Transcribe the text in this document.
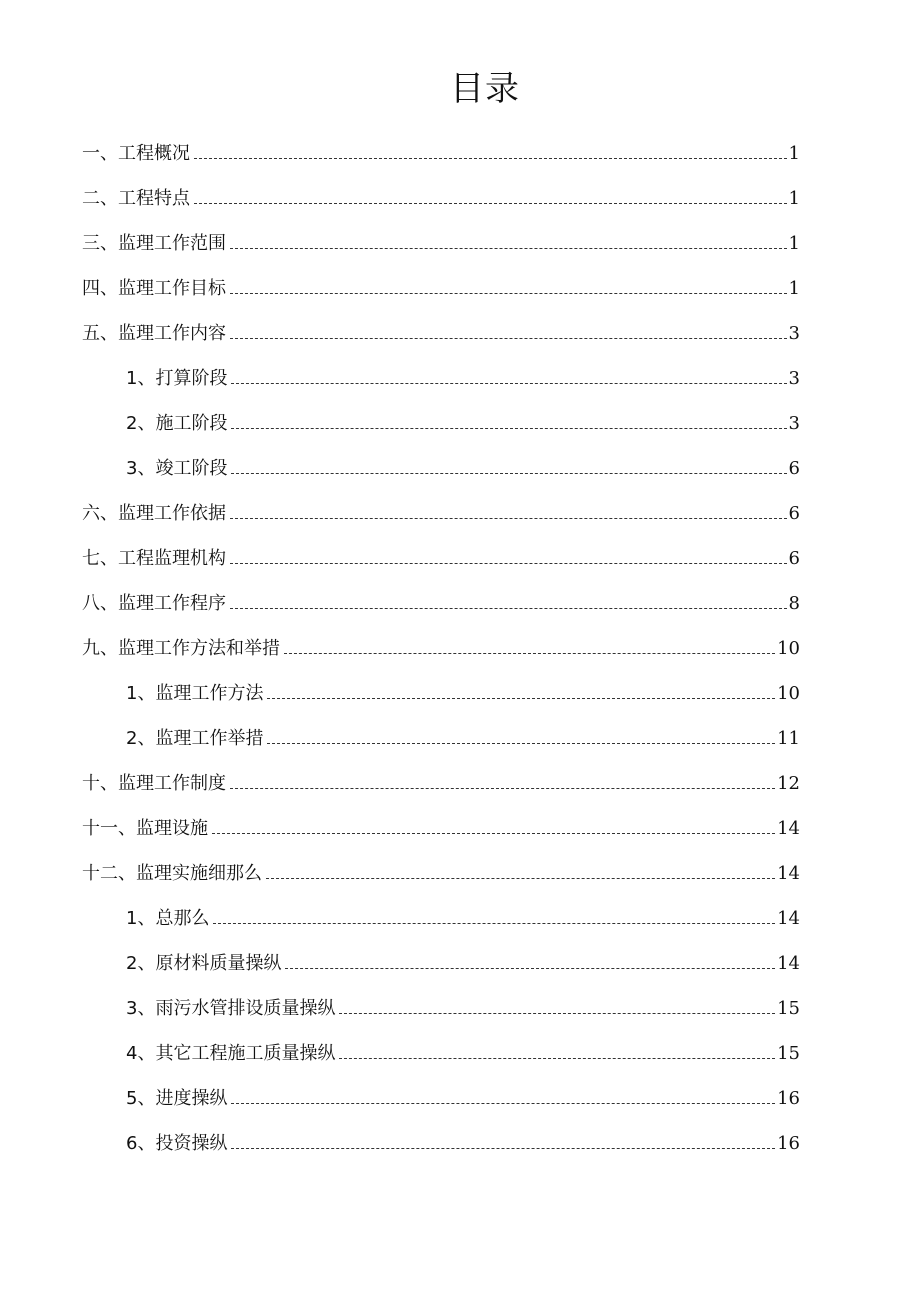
目录
一、工程概况	1
二、工程特点	1
三、监理工作范围	1
四、监理工作目标	1
五、监理工作内容	3
1、打算阶段	3
2、施工阶段	3
3、竣工阶段	6
六、监理工作依据	6
七、工程监理机构	6
八、监理工作程序	8
九、监理工作方法和举措	10
1、监理工作方法	10
2、监理工作举措	11
十、监理工作制度	12
十一、监理设施	14
十二、监理实施细那么	14
1、总那么	14
2、原材料质量操纵	14
3、雨污水管排设质量操纵	15
4、其它工程施工质量操纵	15
5、进度操纵	16
6、投资操纵	16
